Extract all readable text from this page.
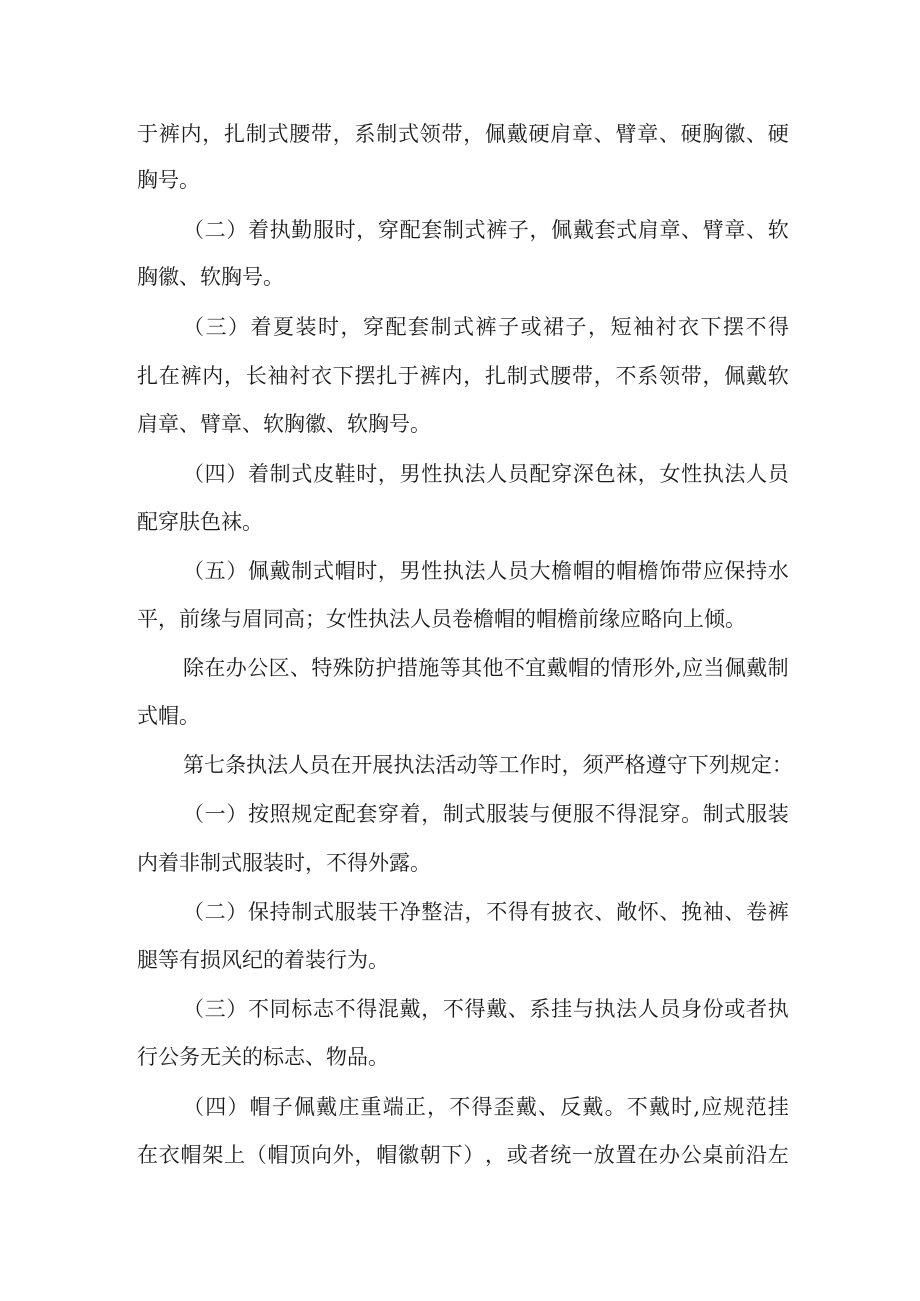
于 裤 内 ， 扎 制 式 腰 带 ， 系 制 式 领 带 ， 佩 戴 硬 肩 章 、 臂 章 、 硬 胸 徽 、 硬
胸号。
（ 二 ） 着 执 勤 服 时 ， 穿 配 套 制 式 裤 子 ， 佩 戴 套 式 肩 章 、 臂 章 、 软
胸徽、软胸号。
（ 三 ） 着 夏 装 时 ， 穿 配 套 制 式 裤 子 或 裙 子 ， 短 袖 衬 衣 下 摆 不 得
扎 在 裤 内 ， 长 袖 衬 衣 下 摆 扎 于 裤 内 ， 扎 制 式 腰 带 ， 不 系 领 带 ， 佩 戴 软
肩章、臂章、软胸徽、软胸号。
（ 四 ） 着 制 式 皮 鞋 时 ， 男 性 执 法 人 员 配 穿 深 色 袜 ， 女 性 执 法 人 员
配穿肤色袜。
（ 五 ） 佩 戴 制 式 帽 时 ， 男 性 执 法 人 员 大 檐 帽 的 帽 檐 饰 带 应 保 持 水
平，前缘与眉同高；女性执法人员卷檐帽的帽檐前缘应略向上倾。
除 在 办 公 区 、 特 殊 防 护 措 施 等 其 他 不 宜 戴 帽 的 情 形 外 , 应 当 佩 戴 制
式帽。
第 七 条 执 法 人 员 在 开 展 执 法 活 动 等 工 作 时 ， 须 严 格 遵 守 下 列 规 定 ：
（ 一 ） 按 照 规 定 配 套 穿 着 ， 制 式 服 装 与 便 服 不 得 混 穿 。 制 式 服 装
内着非制式服装时，不得外露。
（ 二 ） 保 持 制 式 服 装 干 净 整 洁 ， 不 得 有 披 衣 、 敞 怀 、 挽 袖 、 卷 裤
腿等有损风纪的着装行为。
（ 三 ） 不 同 标 志 不 得 混 戴 ， 不 得 戴 、 系 挂 与 执 法 人 员 身 份 或 者 执
行公务无关的标志、物品。
（ 四 ） 帽 子 佩 戴 庄 重 端 正 ， 不 得 歪 戴 、 反 戴 。 不 戴 时 , 应 规 范 挂
在 衣 帽 架 上 （ 帽 顶 向 外 ， 帽 徽 朝 下 ） ， 或 者 统 一 放 置 在 办 公 桌 前 沿 左
